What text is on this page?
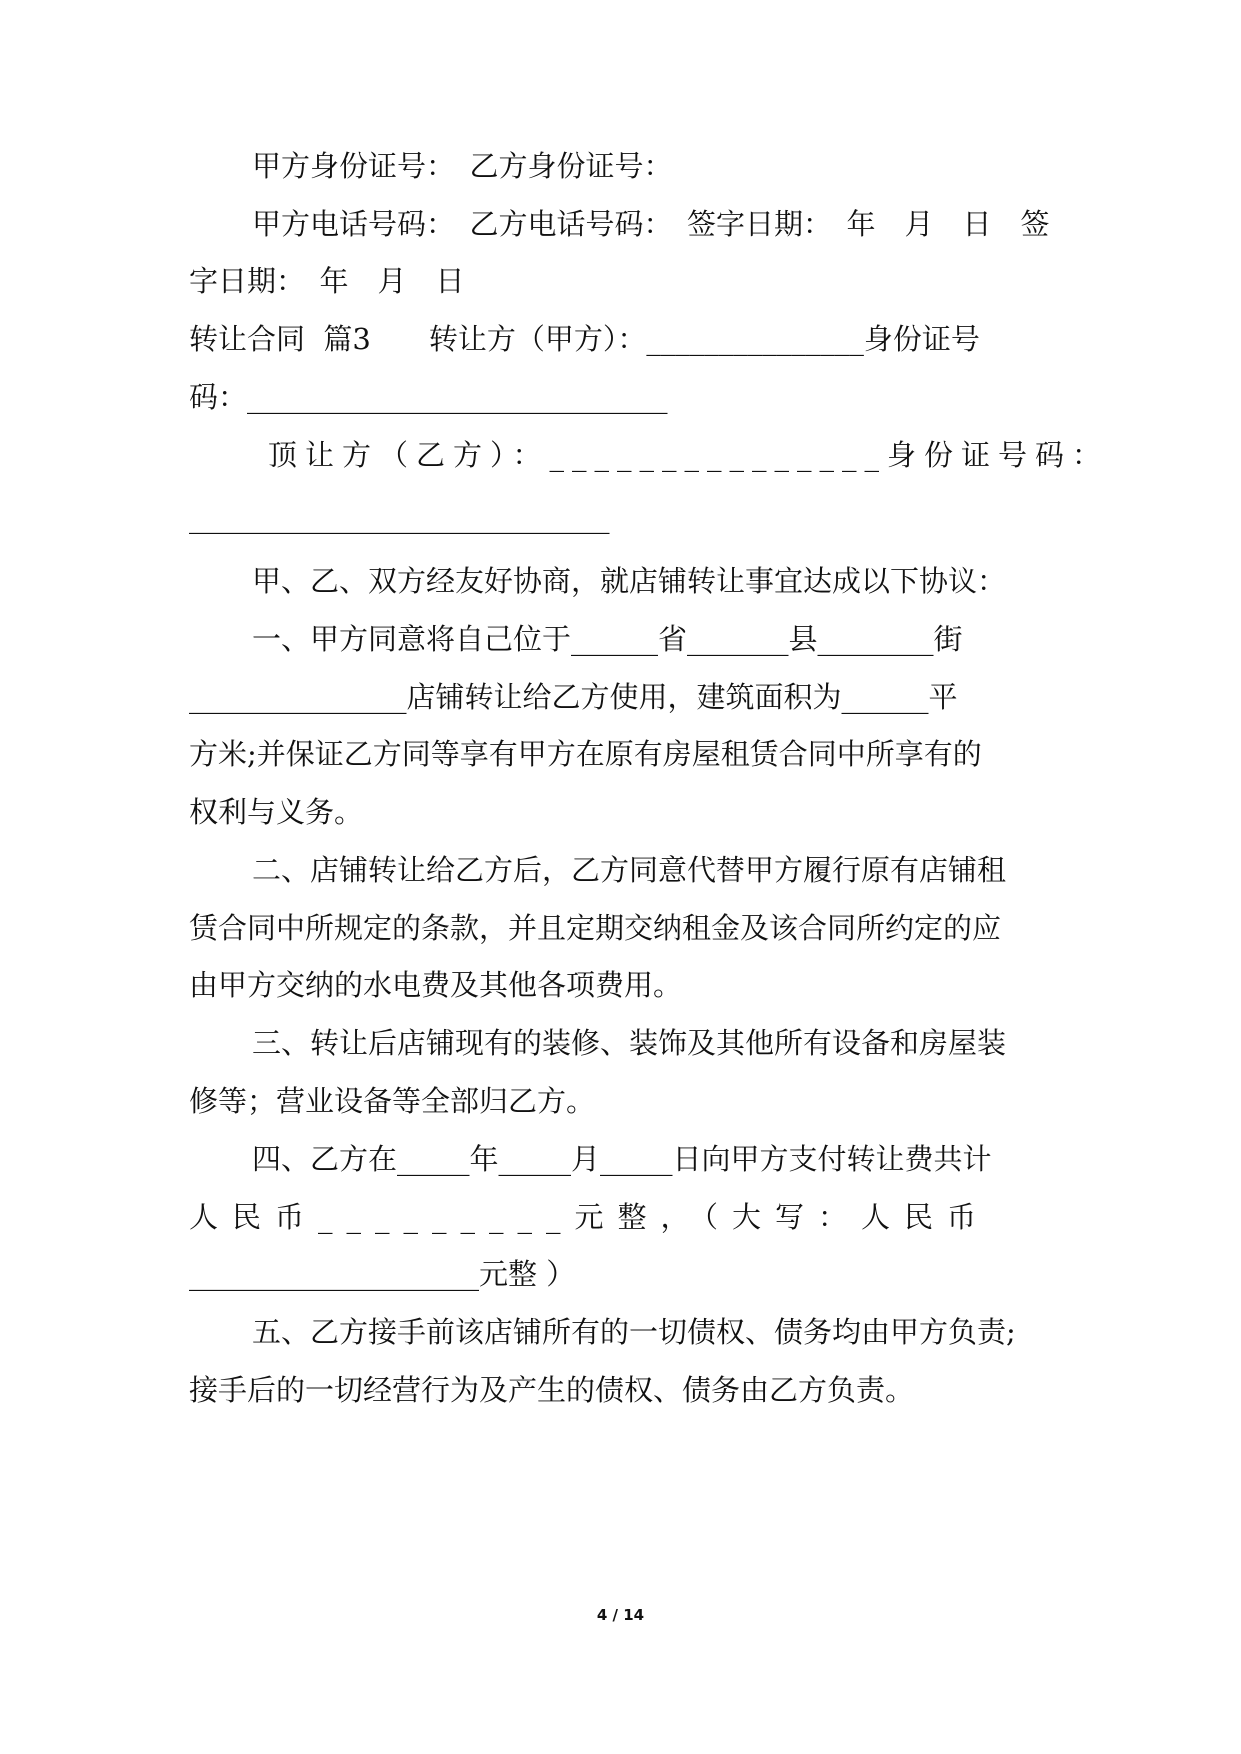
甲方身份证号：　乙方身份证号：
甲方电话号码：　乙方电话号码：　签字日期：　年　月　日　签
字日期：　年　月　日
转让合同  篇3　　转让方（甲方）：_______________身份证号
码：_____________________________
顶让方（乙方）：_______________身份证号码：
_____________________________
甲、乙、双方经友好协商，就店铺转让事宜达成以下协议：
一、甲方同意将自己位于______省_______县________街
_______________店铺转让给乙方使用，建筑面积为______平
方米;并保证乙方同等享有甲方在原有房屋租赁合同中所享有的
权利与义务。
二、店铺转让给乙方后，乙方同意代替甲方履行原有店铺租
赁合同中所规定的条款，并且定期交纳租金及该合同所约定的应
由甲方交纳的水电费及其他各项费用。
三、转让后店铺现有的装修、装饰及其他所有设备和房屋装
修等；营业设备等全部归乙方。
四、乙方在_____年_____月_____日向甲方支付转让费共计
人民币_________元整，（大写：人民币
____________________元整 ）
五、乙方接手前该店铺所有的一切债权、债务均由甲方负责;
接手后的一切经营行为及产生的债权、债务由乙方负责。
4 / 14
